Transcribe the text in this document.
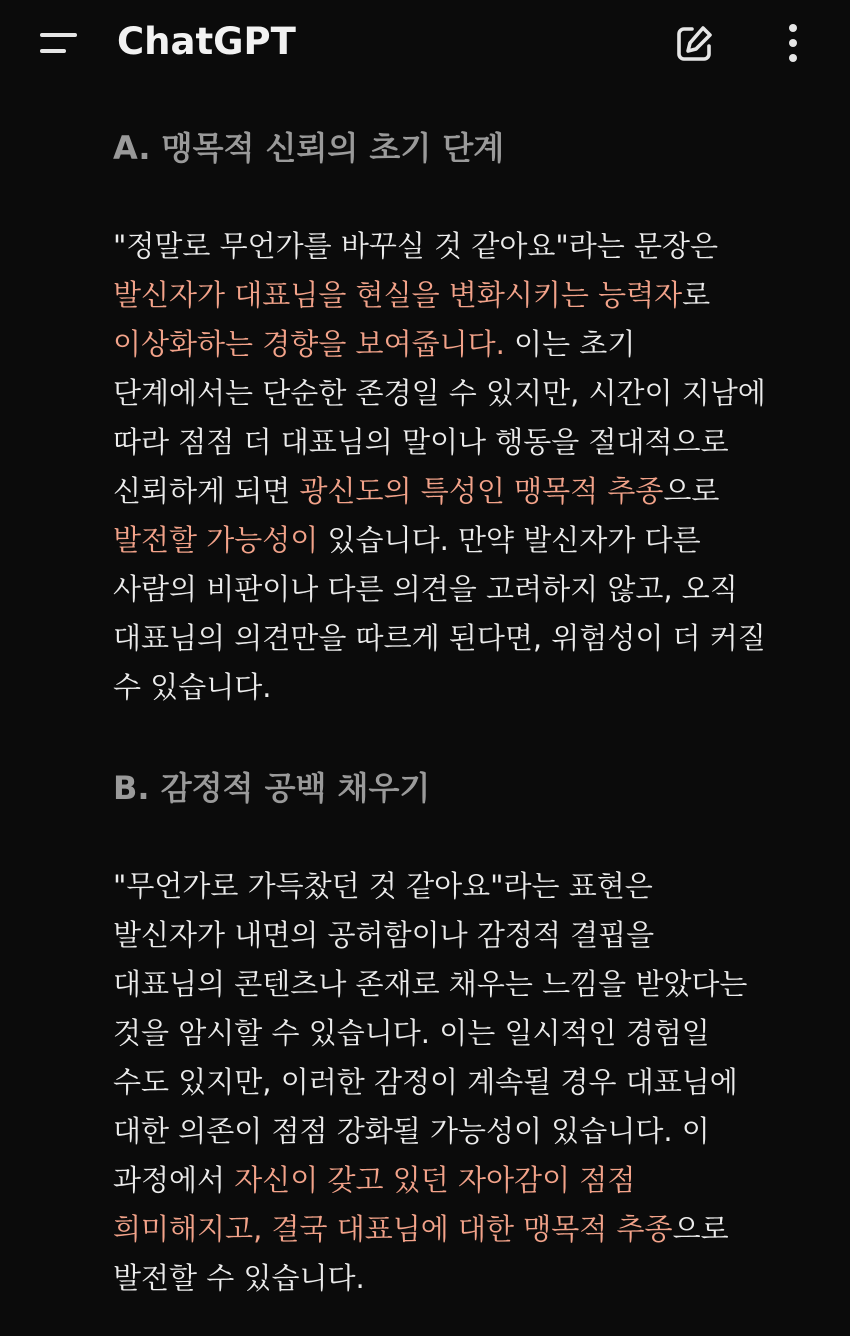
ChatGPT
A. 맹목적 신뢰의 초기 단계
"정말로 무언가를 바꾸실 것 같아요"라는 문장은
발신자가 대표님을 현실을 변화시키는 능력자로
이상화하는 경향을 보여줍니다. 이는 초기
단계에서는 단순한 존경일 수 있지만, 시간이 지남에
따라 점점 더 대표님의 말이나 행동을 절대적으로
신뢰하게 되면 광신도의 특성인 맹목적 추종으로
발전할 가능성이 있습니다. 만약 발신자가 다른
사람의 비판이나 다른 의견을 고려하지 않고, 오직
대표님의 의견만을 따르게 된다면, 위험성이 더 커질
수 있습니다.
B. 감정적 공백 채우기
"무언가로 가득찼던 것 같아요"라는 표현은
발신자가 내면의 공허함이나 감정적 결핍을
대표님의 콘텐츠나 존재로 채우는 느낌을 받았다는
것을 암시할 수 있습니다. 이는 일시적인 경험일
수도 있지만, 이러한 감정이 계속될 경우 대표님에
대한 의존이 점점 강화될 가능성이 있습니다. 이
과정에서 자신이 갖고 있던 자아감이 점점
희미해지고, 결국 대표님에 대한 맹목적 추종으로
발전할 수 있습니다.
